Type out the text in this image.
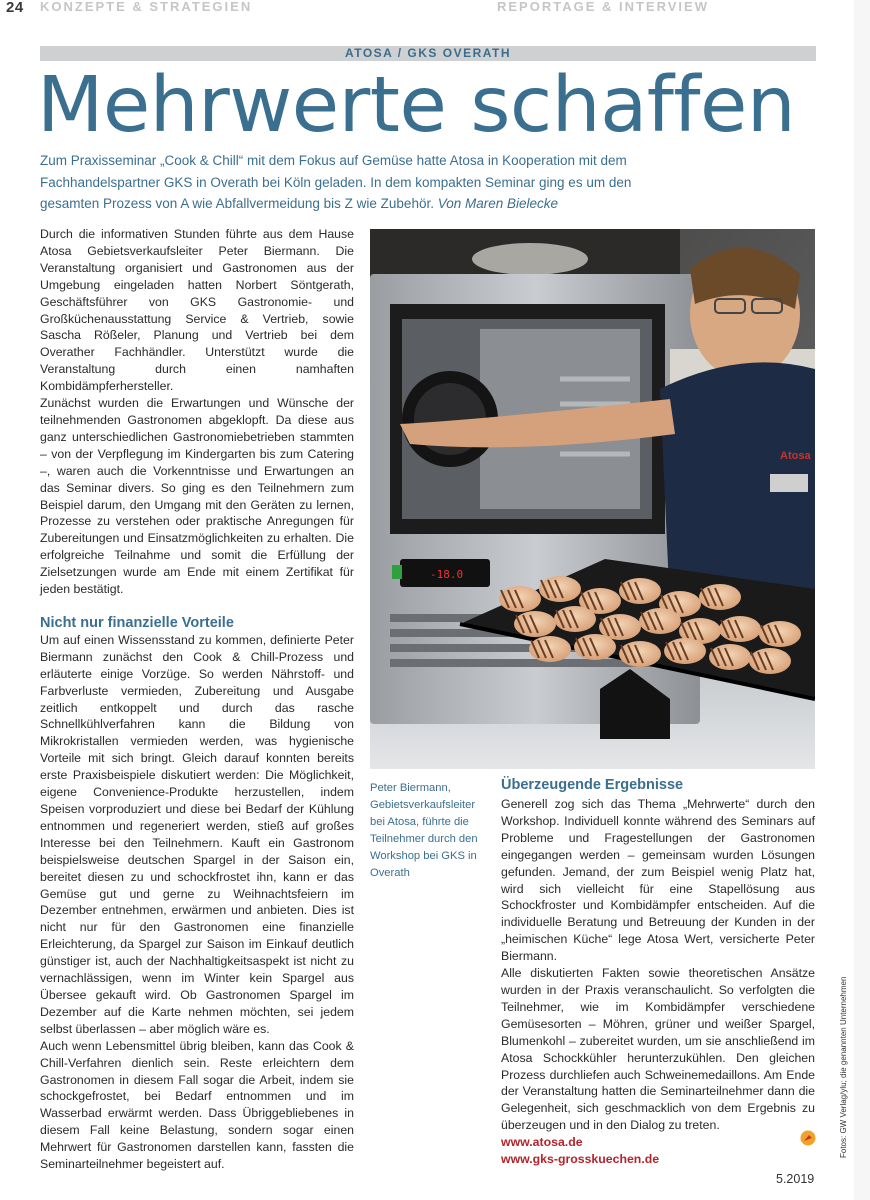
24 KONZEPTE & STRATEGIEN	REPORTAGE & INTERVIEW
ATOSA / GKS OVERATH
Mehrwerte schaffen
Zum Praxisseminar „Cook & Chill“ mit dem Fokus auf Gemüse hatte Atosa in Kooperation mit dem Fachhandelspartner GKS in Overath bei Köln geladen. In dem kompakten Seminar ging es um den gesamten Prozess von A wie Abfallvermeidung bis Z wie Zubehör. Von Maren Bielecke

Durch die informativen Stunden führte aus dem Hause Atosa Gebietsverkaufsleiter Peter Biermann. Die Veranstaltung organisiert und Gastronomen aus der Umgebung eingeladen hatten Norbert Söntgerath, Geschäftsführer von GKS Gastronomie- und Großküchenausstattung Service & Vertrieb, sowie Sascha Rößeler, Planung und Vertrieb bei dem Overather Fachhändler. Unterstützt wurde die Veranstaltung durch einen namhaften Kombidämpferhersteller.

Zunächst wurden die Erwartungen und Wünsche der teilnehmenden Gastronomen abgeklopft. Da diese aus ganz unterschiedlichen Gastronomiebetrieben stammten – von der Verpflegung im Kindergarten bis zum Catering –, waren auch die Vorkenntnisse und Erwartungen an das Seminar divers. So ging es den Teilnehmern zum Beispiel darum, den Umgang mit den Geräten zu lernen, Prozesse zu verstehen oder praktische Anregungen für Zubereitungen und Einsatzmöglichkeiten zu erhalten. Die erfolgreiche Teilnahme und somit die Erfüllung der Zielsetzungen wurde am Ende mit einem Zertifikat für jeden bestätigt.

Nicht nur finanzielle Vorteile

Um auf einen Wissensstand zu kommen, definierte Peter Biermann zunächst den Cook & Chill-Prozess und erläuterte einige Vorzüge. So werden Nährstoff- und Farbverluste vermieden, Zubereitung und Ausgabe zeitlich entkoppelt und durch das rasche Schnellkühlverfahren kann die Bildung von Mikrokristallen vermieden werden, was hygienische Vorteile mit sich bringt. Gleich darauf konnten bereits erste Praxisbeispiele diskutiert werden: Die Möglichkeit, eigene Convenience-Produkte herzustellen, indem Speisen vorproduziert und diese bei Bedarf der Kühlung entnommen und regeneriert werden, stieß auf großes Interesse bei den Teilnehmern. Kauft ein Gastronom beispielsweise deutschen Spargel in der Saison ein, bereitet diesen zu und schockfrostet ihn, kann er das Gemüse gut und gerne zu Weihnachtsfeiern im Dezember entnehmen, erwärmen und anbieten. Dies ist nicht nur für den Gastronomen eine finanzielle Erleichterung, da Spargel zur Saison im Einkauf deutlich günstiger ist, auch der Nachhaltigkeitsaspekt ist nicht zu vernachlässigen, wenn im Winter kein Spargel aus Übersee gekauft wird. Ob Gastronomen Spargel im Dezember auf die Karte nehmen möchten, sei jedem selbst überlassen – aber möglich wäre es.

Auch wenn Lebensmittel übrig bleiben, kann das Cook & Chill-Verfahren dienlich sein. Reste erleichtern dem Gastronomen in diesem Fall sogar die Arbeit, indem sie schockgefrostet, bei Bedarf entnommen und im Wasserbad erwärmt werden. Dass Übriggebliebenes in diesem Fall keine Belastung, sondern sogar einen Mehrwert für Gastronomen darstellen kann, fassten die Seminarteilnehmer begeistert auf.

-18.0
Atosa
Peter Biermann, Gebietsverkaufsleiter bei Atosa, führte die Teilnehmer durch den Workshop bei GKS in Overath
Überzeugende Ergebnisse

Generell zog sich das Thema „Mehrwerte“ durch den Workshop. Individuell konnte während des Seminars auf Probleme und Fragestellungen der Gastronomen eingegangen werden – gemeinsam wurden Lösungen gefunden. Jemand, der zum Beispiel wenig Platz hat, wird sich vielleicht für eine Stapellösung aus Schockfroster und Kombidämpfer entscheiden. Auf die individuelle Beratung und Betreuung der Kunden in der „heimischen Küche“ lege Atosa Wert, versicherte Peter Biermann.

Alle diskutierten Fakten sowie theoretischen Ansätze wurden in der Praxis veranschaulicht. So verfolgten die Teilnehmer, wie im Kombidämpfer verschiedene Gemüsesorten – Möhren, grüner und weißer Spargel, Blumenkohl – zubereitet wurden, um sie anschließend im Atosa Schockkühler herunterzukühlen. Den gleichen Prozess durchliefen auch Schweinemedaillons. Am Ende der Veranstaltung hatten die Seminarteilnehmer dann die Gelegenheit, sich geschmacklich von dem Ergebnis zu überzeugen und in den Dialog zu treten.

www.atosa.de
www.gks-grosskuechen.de
5.2019
Fotos: GW Verlag/ylu; die genannten Unternehmen
